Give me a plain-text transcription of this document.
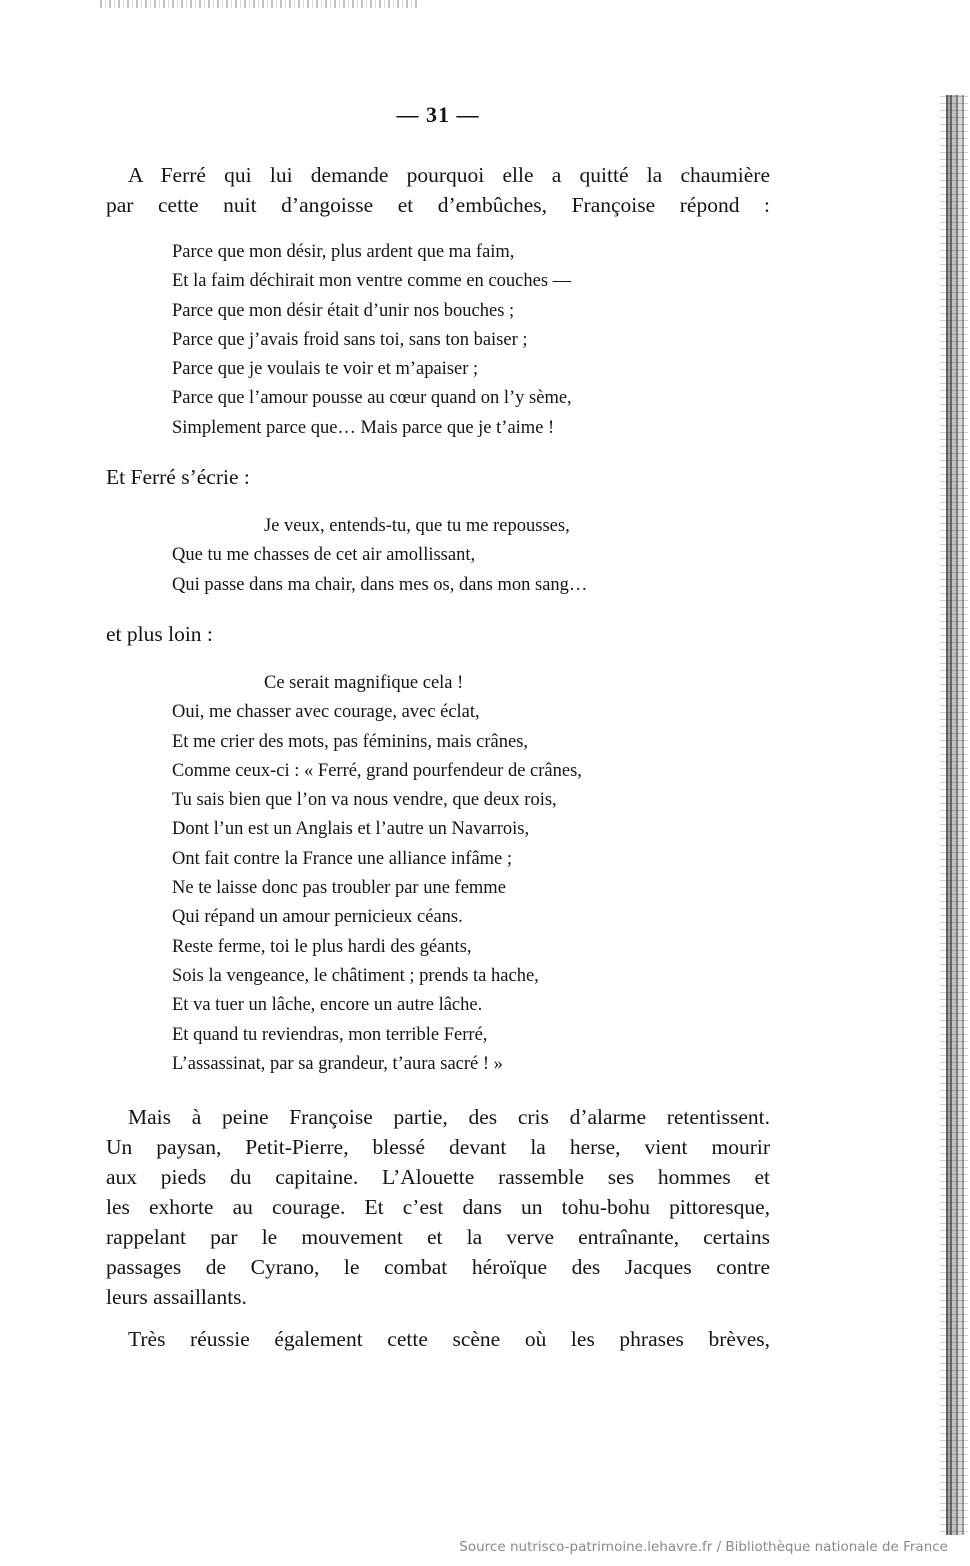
— 31 —
A Ferré qui lui demande pourquoi elle a quitté la chaumière
par cette nuit d’angoisse et d’embûches, Françoise répond :
Parce que mon désir, plus ardent que ma faim,
Et la faim déchirait mon ventre comme en couches —
Parce que mon désir était d’unir nos bouches ;
Parce que j’avais froid sans toi, sans ton baiser ;
Parce que je voulais te voir et m’apaiser ;
Parce que l’amour pousse au cœur quand on l’y sème,
Simplement parce que… Mais parce que je t’aime !
Et Ferré s’écrie :
Je veux, entends-tu, que tu me repousses,
Que tu me chasses de cet air amollissant,
Qui passe dans ma chair, dans mes os, dans mon sang…
et plus loin :
Ce serait magnifique cela !
Oui, me chasser avec courage, avec éclat,
Et me crier des mots, pas féminins, mais crânes,
Comme ceux-ci : « Ferré, grand pourfendeur de crânes,
Tu sais bien que l’on va nous vendre, que deux rois,
Dont l’un est un Anglais et l’autre un Navarrois,
Ont fait contre la France une alliance infâme ;
Ne te laisse donc pas troubler par une femme
Qui répand un amour pernicieux céans.
Reste ferme, toi le plus hardi des géants,
Sois la vengeance, le châtiment ; prends ta hache,
Et va tuer un lâche, encore un autre lâche.
Et quand tu reviendras, mon terrible Ferré,
L’assassinat, par sa grandeur, t’aura sacré ! »
Mais à peine Françoise partie, des cris d’alarme retentissent.
Un paysan, Petit-Pierre, blessé devant la herse, vient mourir
aux pieds du capitaine. L’Alouette rassemble ses hommes et
les exhorte au courage. Et c’est dans un tohu-bohu pittoresque,
rappelant par le mouvement et la verve entraînante, certains
passages de Cyrano, le combat héroïque des Jacques contre
leurs assaillants.
Très réussie également cette scène où les phrases brèves,
Source nutrisco-patrimoine.lehavre.fr / Bibliothèque nationale de France
